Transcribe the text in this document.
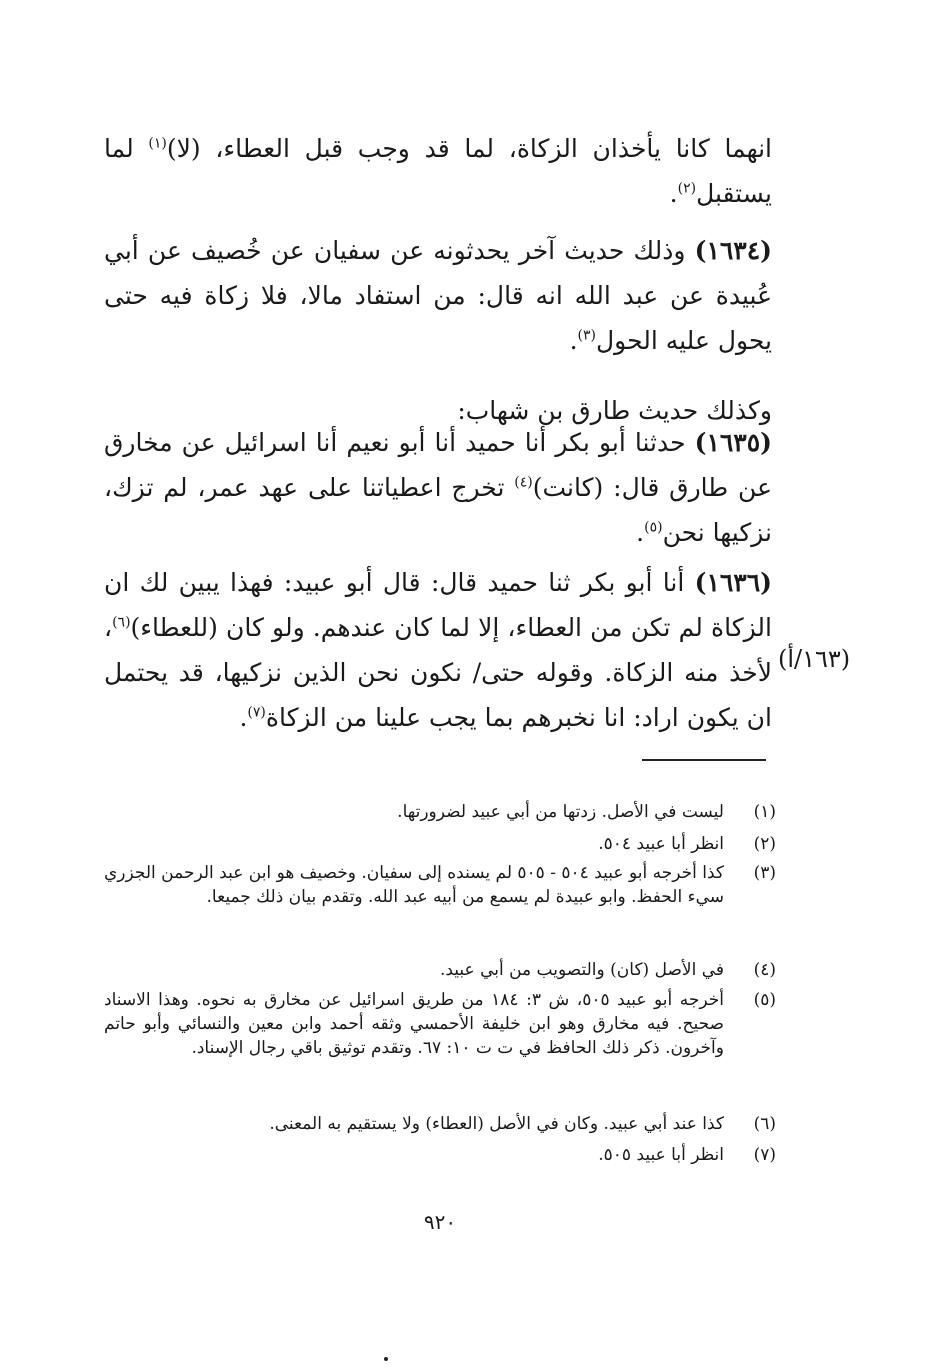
انهما كانا يأخذان الزكاة، لما قد وجب قبل العطاء، (لا)$^{(١)}$ لما يستقبل$^{(٢)}$.

(١٦٣٤) وذلك حديث آخر يحدثونه عن سفيان عن خُصيف عن أبي عُبيدة عن عبد الله انه قال: من استفاد مالا، فلا زكاة فيه حتى يحول عليه الحول$^{(٣)}$.

وكذلك حديث طارق بن شهاب:

(١٦٣٥) حدثنا أبو بكر أنا حميد أنا أبو نعيم أنا اسرائيل عن مخارق عن طارق قال: (كانت)$^{(٤)}$ تخرج اعطياتنا على عهد عمر، لم تزك، نزكيها نحن$^{(٥)}$.

(١٦٣٦) أنا أبو بكر ثنا حميد قال: قال أبو عبيد: فهذا يبين لك ان الزكاة لم تكن من العطاء، إلا لما كان عندهم. ولو كان (للعطاء)$^{(٦)}$، لأخذ منه الزكاة. وقوله حتى/ نكون نحن الذين نزكيها، قد يحتمل ان يكون اراد: انا نخبرهم بما يجب علينا من الزكاة$^{(٧)}$.

(١٦٣/أ)
(١)
ليست في الأصل. زدتها من أبي عبيد لضرورتها.
(٢)
انظر أبا عبيد ٥٠٤.
(٣)
كذا أخرجه أبو عبيد ٥٠٤ - ٥٠٥ لم يسنده إلى سفيان. وخصيف هو ابن عبد الرحمن الجزري سيء الحفظ. وابو عبيدة لم يسمع من أبيه عبد الله. وتقدم بيان ذلك جميعا.
(٤)
في الأصل (كان) والتصويب من أبي عبيد.
(٥)
أخرجه أبو عبيد ٥٠٥، ش ٣: ١٨٤ من طريق اسرائيل عن مخارق به نحوه. وهذا الاسناد صحيح. فيه مخارق وهو ابن خليفة الأحمسي وثقه أحمد وابن معين والنسائي وأبو حاتم وآخرون. ذكر ذلك الحافظ في ت ت ١٠: ٦٧. وتقدم توثيق باقي رجال الإسناد.
(٦)
كذا عند أبي عبيد. وكان في الأصل (العطاء) ولا يستقيم به المعنى.
(٧)
انظر أبا عبيد ٥٠٥.
٩٢٠
